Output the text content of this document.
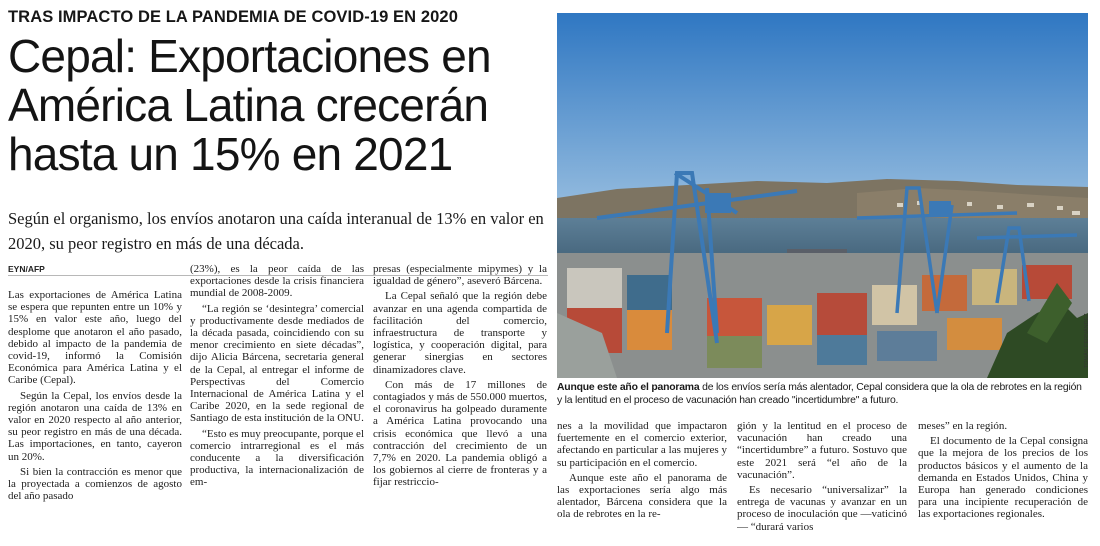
TRAS IMPACTO DE LA PANDEMIA DE COVID-19 EN 2020
Cepal: Exportaciones en América Latina crecerán hasta un 15% en 2021
Según el organismo, los envíos anotaron una caída interanual de 13% en valor en 2020, su peor registro en más de una década.
EYN/AFP

Las exportaciones de América Latina se espera que repunten entre un 10% y 15% en valor este año, luego del desplome que anotaron el año pasado, debido al impacto de la pandemia de covid-19, informó la Comisión Económica para América Latina y el Caribe (Cepal).

Según la Cepal, los envíos desde la región anotaron una caída de 13% en valor en 2020 respecto al año anterior, su peor registro en más de una década. Las importaciones, en tanto, cayeron un 20%.

Si bien la contracción es menor que la proyectada a comienzos de agosto del año pasado

(23%), es la peor caída de las exportaciones desde la crisis financiera mundial de 2008-2009.

“La región se ‘desintegra’ comercial y productivamente desde mediados de la década pasada, coincidiendo con su menor crecimiento en siete décadas”, dijo Alicia Bárcena, secretaria general de la Cepal, al entregar el informe de Perspectivas del Comercio Internacional de América Latina y el Caribe 2020, en la sede regional de Santiago de esta institución de la ONU.

“Esto es muy preocupante, porque el comercio intrarregional es el más conducente a la diversificación productiva, la internacionalización de em-

presas (especialmente mipymes) y la igualdad de género”, aseveró Bárcena.

La Cepal señaló que la región debe avanzar en una agenda compartida de facilitación del comercio, infraestructura de transporte y logística, y cooperación digital, para generar sinergias en sectores dinamizadores clave.

Con más de 17 millones de contagiados y más de 550.000 muertos, el coronavirus ha golpeado duramente a América Latina provocando una crisis económica que llevó a una contracción del crecimiento de un 7,7% en 2020. La pandemia obligó a los gobiernos al cierre de fronteras y a fijar restriccio-

nes a la movilidad que impactaron fuertemente en el comercio exterior, afectando en particular a las mujeres y su participación en el comercio.

Aunque este año el panorama de las exportaciones sería algo más alentador, Bárcena considera que la ola de rebrotes en la re-

gión y la lentitud en el proceso de vacunación han creado una “incertidumbre” a futuro. Sostuvo que este 2021 será “el año de la vacunación”.

Es necesario “universalizar” la entrega de vacunas y avanzar en un proceso de inoculación que —vaticinó— “durará varios

meses” en la región.

El documento de la Cepal consigna que la mejora de los precios de los productos básicos y el aumento de la demanda en Estados Unidos, China y Europa han generado condiciones para una incipiente recuperación de las exportaciones regionales.

TOMÁS FERNÁNDEZ
Aunque este año el panorama de los envíos sería más alentador, Cepal considera que la ola de rebrotes en la región y la lentitud en el proceso de vacunación han creado "incertidumbre" a futuro.
